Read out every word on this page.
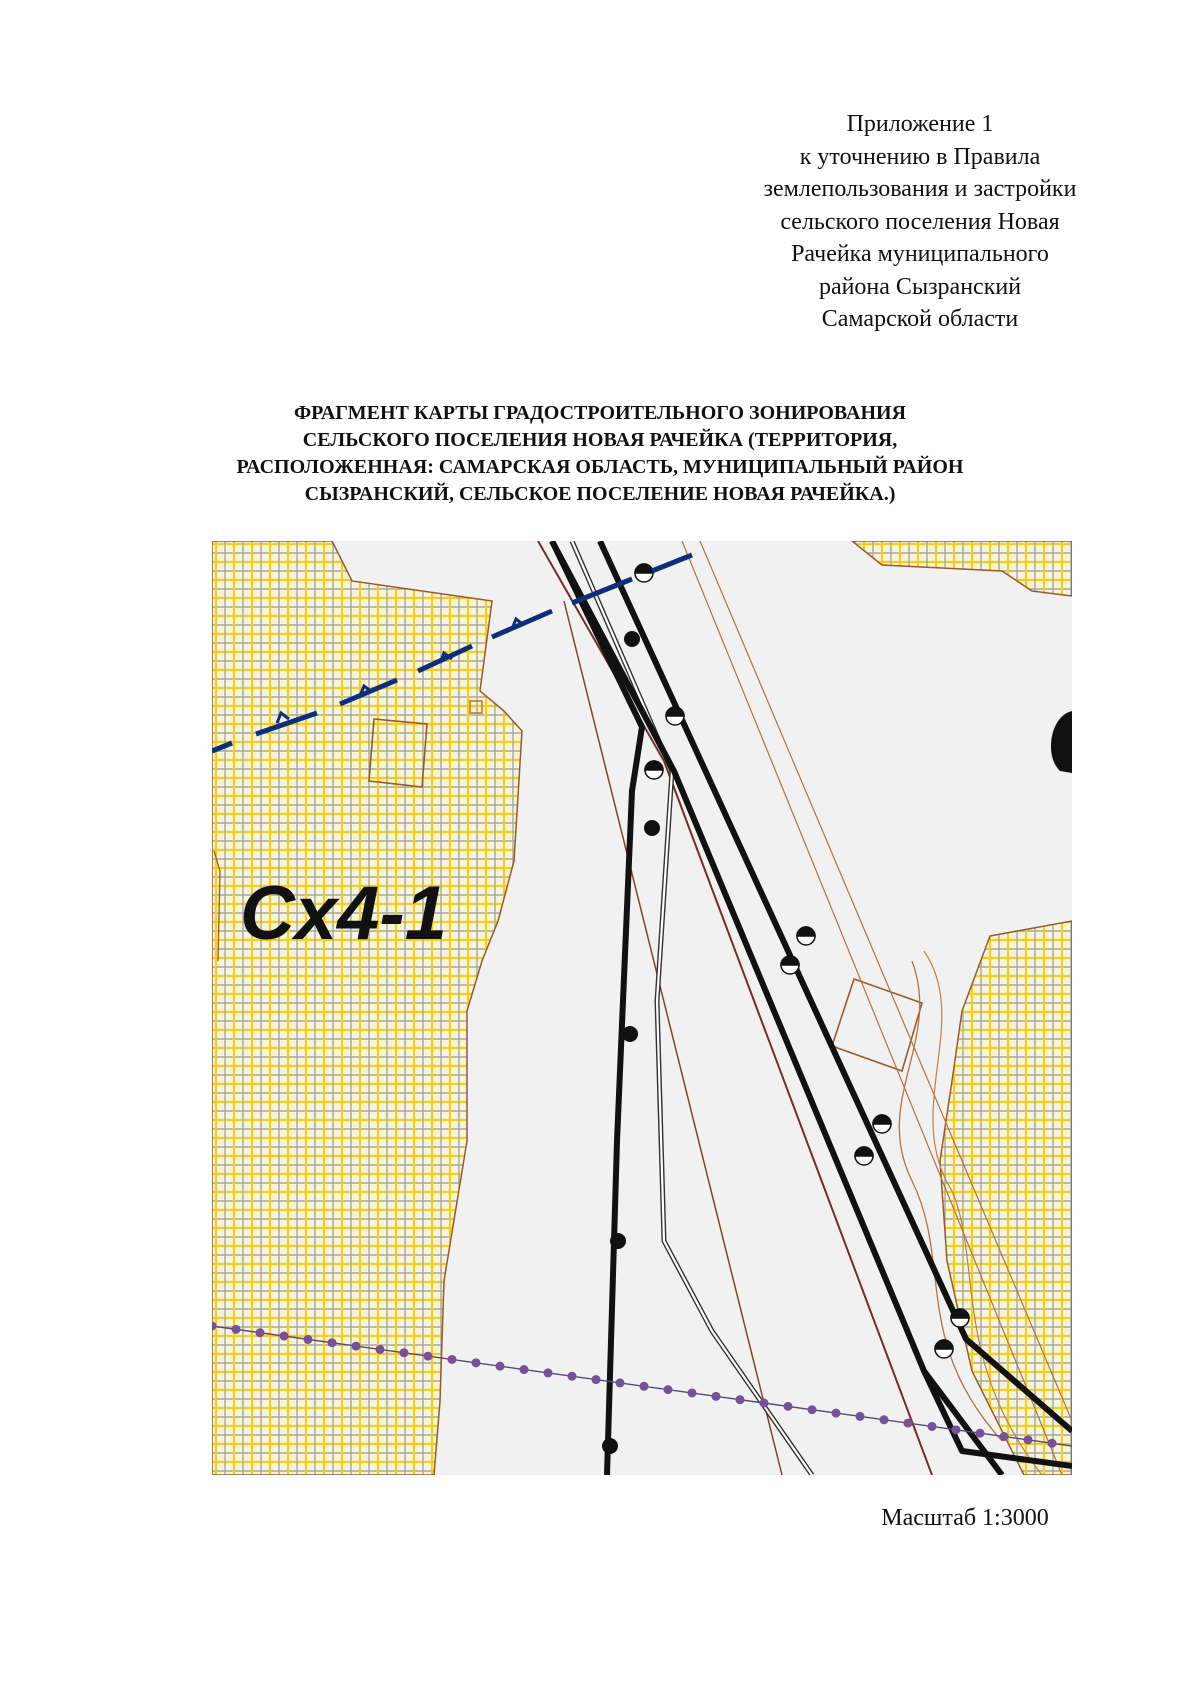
Приложение 1
к уточнению в Правила
землепользования и застройки
сельского поселения Новая
Рачейка муниципального
района Сызранский
Самарской области
ФРАГМЕНТ КАРТЫ ГРАДОСТРОИТЕЛЬНОГО ЗОНИРОВАНИЯ
СЕЛЬСКОГО ПОСЕЛЕНИЯ НОВАЯ РАЧЕЙКА (ТЕРРИТОРИЯ,
РАСПОЛОЖЕННАЯ: САМАРСКАЯ ОБЛАСТЬ, МУНИЦИПАЛЬНЫЙ РАЙОН
СЫЗРАНСКИЙ, СЕЛЬСКОЕ ПОСЕЛЕНИЕ НОВАЯ РАЧЕЙКА.)
Сх4-1
Масштаб 1:3000
